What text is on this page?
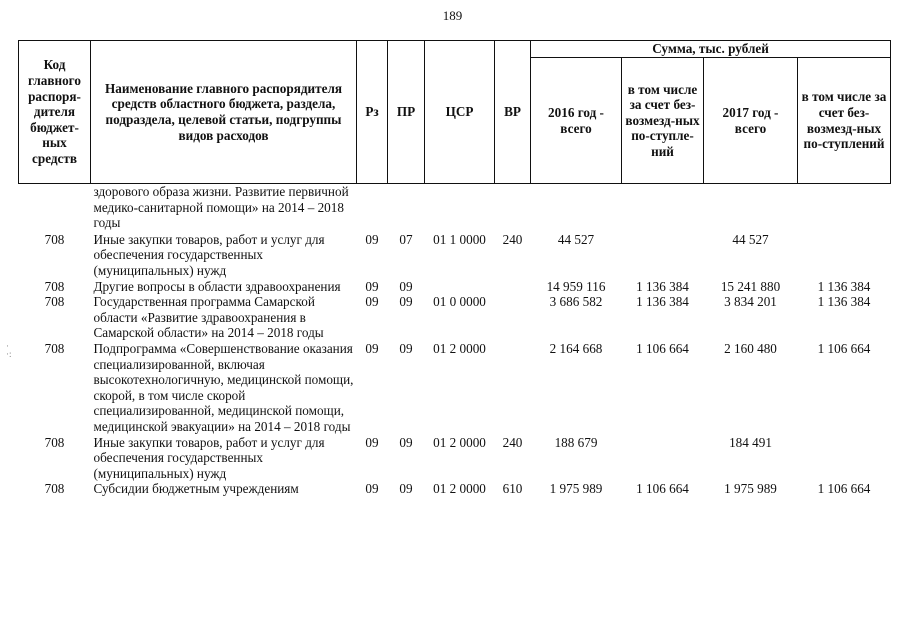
189
·
·:
Код главного распоря-дителя бюджет-ных средств	Наименование главного распорядителя средств областного бюджета, раздела, подраздела, целевой статьи, подгруппы видов расходов	Рз	ПР	ЦСР	ВР	Сумма, тыс. рублей			
						2016 год - всего	в том числе за счет без-возмезд-ных по-ступле-ний	2017 год - всего	в том числе за счет без-возмезд-ных по-ступлений
	здорового образа жизни. Развитие первичной медико-санитарной помощи» на 2014 – 2018 годы								
708	Иные закупки товаров, работ и услуг для обеспечения государственных (муниципальных) нужд	09	07	01 1 0000	240	44 527		44 527	
708	Другие вопросы в области здравоохранения	09	09			14 959 116	1 136 384	15 241 880	1 136 384
708	Государственная программа Самарской области «Развитие здравоохранения в Самарской области» на 2014 – 2018 годы	09	09	01 0 0000		3 686 582	1 136 384	3 834 201	1 136 384
708	Подпрограмма «Совершенствование оказания специализированной, включая высокотехнологичную, медицинской помощи, скорой, в том числе скорой специализированной, медицинской помощи, медицинской эвакуации» на 2014 – 2018 годы	09	09	01 2 0000		2 164 668	1 106 664	2 160 480	1 106 664
708	Иные закупки товаров, работ и услуг для обеспечения государственных (муниципальных) нужд	09	09	01 2 0000	240	188 679		184 491	
708	Субсидии бюджетным учреждениям	09	09	01 2 0000	610	1 975 989	1 106 664	1 975 989	1 106 664
